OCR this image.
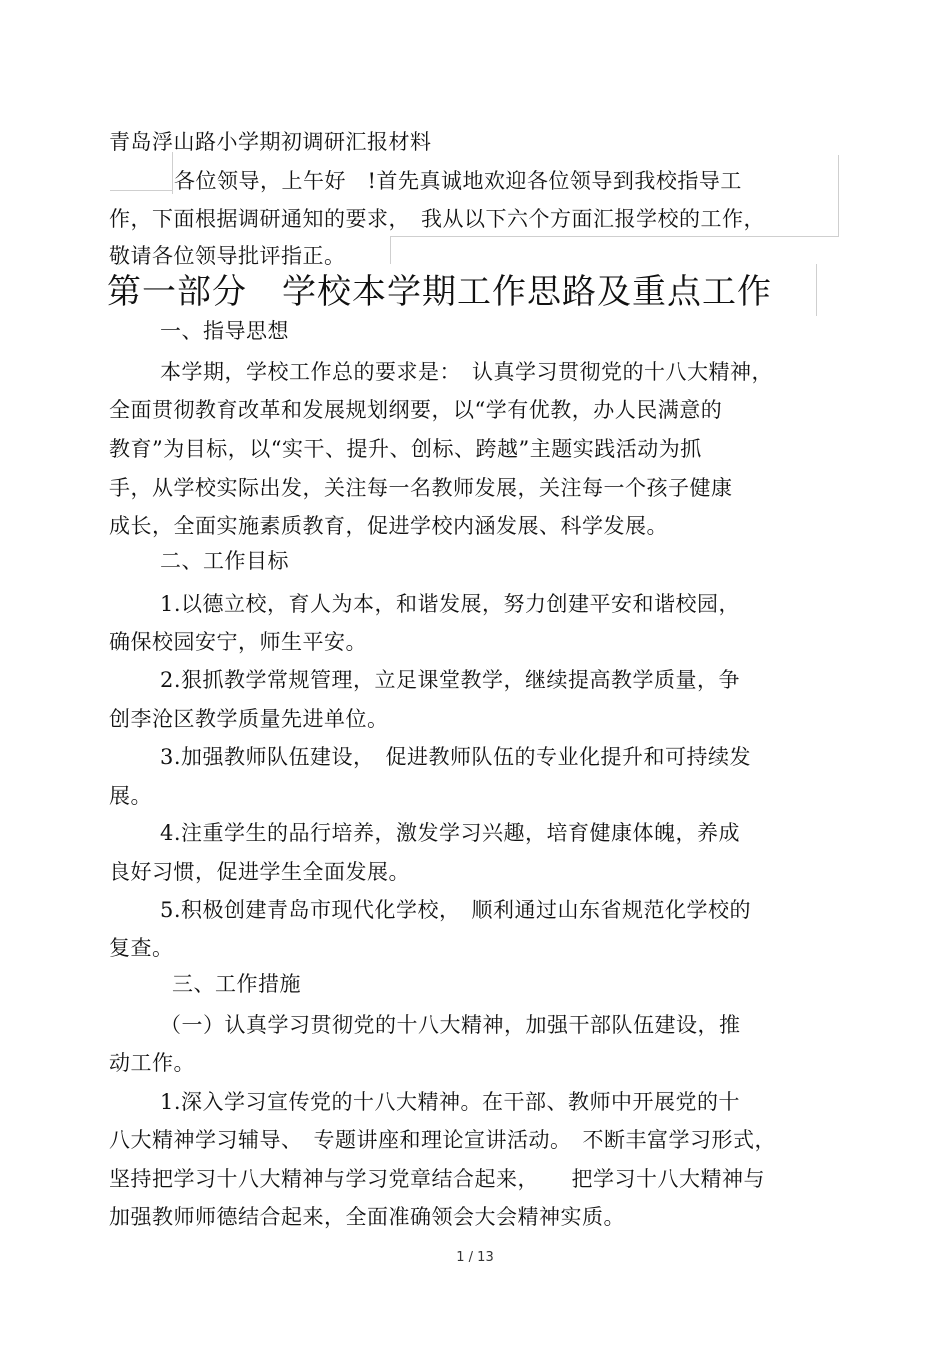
青岛浮山路小学期初调研汇报材料
各位领导，上午好　!首先真诚地欢迎各位领导到我校指导工
作，下面根据调研通知的要求，　我从以下六个方面汇报学校的工作，
敬请各位领导批评指正。
第一部分　学校本学期工作思路及重点工作
一、指导思想
本学期，学校工作总的要求是：　认真学习贯彻党的十八大精神，
全面贯彻教育改革和发展规划纲要，以“学有优教，办人民满意的
教育”为目标，以“实干、提升、创标、跨越”主题实践活动为抓
手，从学校实际出发，关注每一名教师发展，关注每一个孩子健康
成长，全面实施素质教育，促进学校内涵发展、科学发展。
二、工作目标
1.以德立校，育人为本，和谐发展，努力创建平安和谐校园，
确保校园安宁，师生平安。
2.狠抓教学常规管理，立足课堂教学，继续提高教学质量，争
创李沧区教学质量先进单位。
3.加强教师队伍建设，　促进教师队伍的专业化提升和可持续发
展。
4.注重学生的品行培养，激发学习兴趣，培育健康体魄，养成
良好习惯，促进学生全面发展。
5.积极创建青岛市现代化学校，　顺利通过山东省规范化学校的
复查。
三、工作措施
（一）认真学习贯彻党的十八大精神，加强干部队伍建设，推
动工作。
1.深入学习宣传党的十八大精神。在干部、教师中开展党的十
八大精神学习辅导、　专题讲座和理论宣讲活动。　不断丰富学习形式，
坚持把学习十八大精神与学习党章结合起来，　　把学习十八大精神与
加强教师师德结合起来，全面准确领会大会精神实质。
1 / 13
